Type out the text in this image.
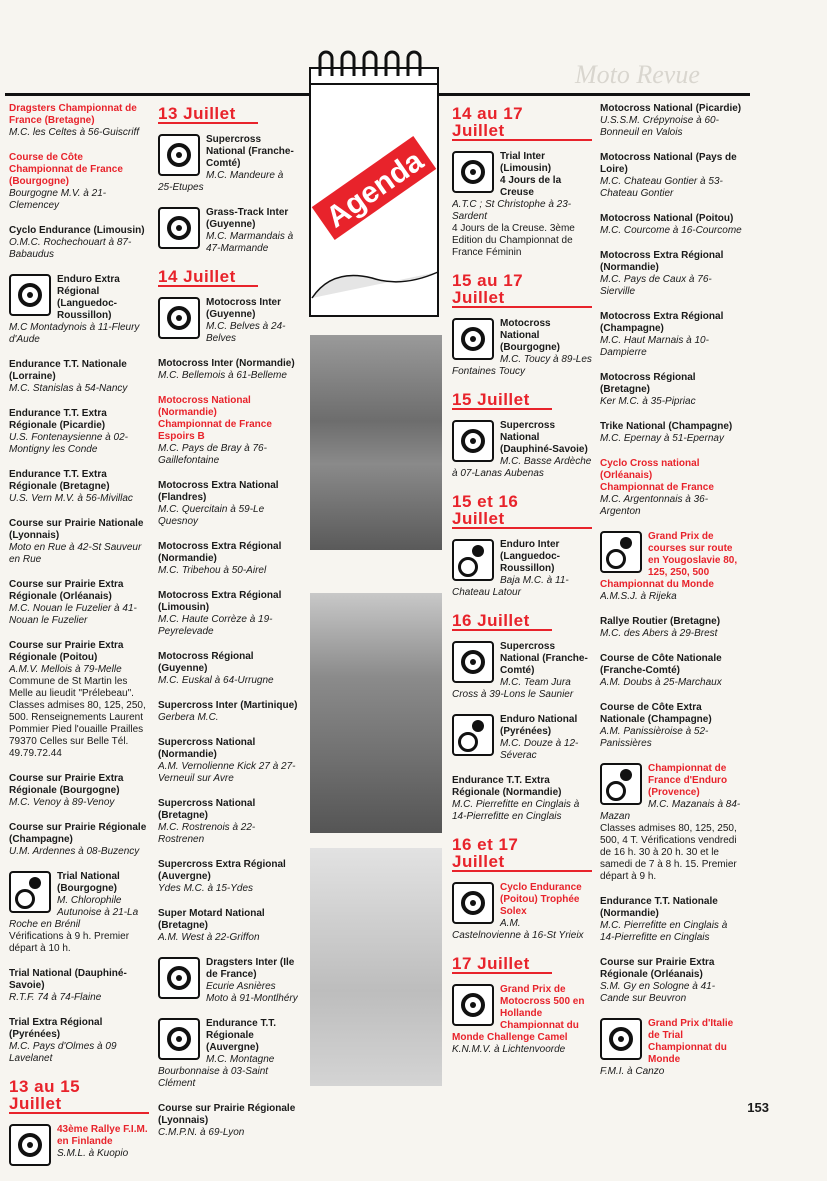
Moto Revue
Agenda
Dragsters Championnat de France (Bretagne)
M.C. les Celtes à 56-Guiscriff
Course de Côte Championnat de France (Bourgogne)
Bourgogne M.V. à 21-Clemencey
Cyclo Endurance (Limousin)
O.M.C. Rochechouart à 87-Babaudus
Enduro Extra Régional (Languedoc-Roussillon)
M.C Montadynois à 11-Fleury d'Aude
Endurance T.T. Nationale (Lorraine)
M.C. Stanislas à 54-Nancy
Endurance T.T. Extra Régionale (Picardie)
U.S. Fontenaysienne à 02-Montigny les Conde
Endurance T.T. Extra Régionale (Bretagne)
U.S. Vern M.V. à 56-Mivillac
Course sur Prairie Nationale (Lyonnais)
Moto en Rue à 42-St Sauveur en Rue
Course sur Prairie Extra Régionale (Orléanais)
M.C. Nouan le Fuzelier à 41-Nouan le Fuzelier
Course sur Prairie Extra Régionale (Poitou)
A.M.V. Mellois à 79-Melle
Commune de St Martin les Melle au lieudit "Prélebeau". Classes admises 80, 125, 250, 500. Renseignements Laurent Pommier Pied l'ouaille Prailles 79370 Celles sur Belle Tél. 49.79.72.44
Course sur Prairie Extra Régionale (Bourgogne)
M.C. Venoy à 89-Venoy
Course sur Prairie Régionale (Champagne)
U.M. Ardennes à 08-Buzency
Trial National (Bourgogne)
M. Chlorophile Autunoise à 21-La Roche en Brénil
Vérifications à 9 h. Premier départ à 10 h.
Trial National (Dauphiné-Savoie)
R.T.F. 74 à 74-Flaine
Trial Extra Régional (Pyrénées)
M.C. Pays d'Olmes à 09 Lavelanet
13 au 15 Juillet
43ème Rallye F.I.M. en Finlande
S.M.L. à Kuopio
13 Juillet
Supercross National (Franche-Comté)
M.C. Mandeure à 25-Etupes
Grass-Track Inter (Guyenne)
M.C. Marmandais à 47-Marmande
14 Juillet
Motocross Inter (Guyenne)
M.C. Belves à 24-Belves
Motocross Inter (Normandie)
M.C. Bellemois à 61-Belleme
Motocross National (Normandie)
Championnat de France Espoirs B
M.C. Pays de Bray à 76-Gaillefontaine
Motocross Extra National (Flandres)
M.C. Quercitain à 59-Le Quesnoy
Motocross Extra Régional (Normandie)
M.C. Tribehou à 50-Airel
Motocross Extra Régional (Limousin)
M.C. Haute Corrèze à 19-Peyrelevade
Motocross Régional (Guyenne)
M.C. Euskal à 64-Urrugne
Supercross Inter (Martinique)
Gerbera M.C.
Supercross National (Normandie)
A.M. Vernolienne Kick 27 à 27-Verneuil sur Avre
Supercross National (Bretagne)
M.C. Rostrenois à 22-Rostrenen
Supercross Extra Régional (Auvergne)
Ydes M.C. à 15-Ydes
Super Motard National (Bretagne)
A.M. West à 22-Griffon
Dragsters Inter (Ile de France)
Ecurie Asnières Moto à 91-Montlhéry
Endurance T.T. Régionale (Auvergne)
M.C. Montagne Bourbonnaise à 03-Saint Clément
Course sur Prairie Régionale (Lyonnais)
C.M.P.N. à 69-Lyon
14 au 17 Juillet
Trial Inter (Limousin)
4 Jours de la Creuse
A.T.C ; St Christophe à 23-Sardent
4 Jours de la Creuse. 3ème Edition du Championnat de France Féminin
15 au 17 Juillet
Motocross National (Bourgogne)
M.C. Toucy à 89-Les Fontaines Toucy
15 Juillet
Supercross National (Dauphiné-Savoie)
M.C. Basse Ardèche à 07-Lanas Aubenas
15 et 16 Juillet
Enduro Inter (Languedoc-Roussillon)
Baja M.C. à 11-Chateau Latour
16 Juillet
Supercross National (Franche-Comté)
M.C. Team Jura Cross à 39-Lons le Saunier
Enduro National (Pyrénées)
M.C. Douze à 12-Séverac
Endurance T.T. Extra Régionale (Normandie)
M.C. Pierrefitte en Cinglais à 14-Pierrefitte en Cinglais
16 et 17 Juillet
Cyclo Endurance (Poitou) Trophée Solex
A.M. Castelnovienne à 16-St Yrieix
17 Juillet
Grand Prix de Motocross 500 en Hollande Championnat du Monde Challenge Camel
K.N.M.V. à Lichtenvoorde
Motocross National (Picardie)
U.S.S.M. Crépynoise à 60-Bonneuil en Valois
Motocross National (Pays de Loire)
M.C. Chateau Gontier à 53-Chateau Gontier
Motocross National (Poitou)
M.C. Courcome à 16-Courcome
Motocross Extra Régional (Normandie)
M.C. Pays de Caux à 76-Sierville
Motocross Extra Régional (Champagne)
M.C. Haut Marnais à 10-Dampierre
Motocross Régional (Bretagne)
Ker M.C. à 35-Pipriac
Trike National (Champagne)
M.C. Epernay à 51-Epernay
Cyclo Cross national (Orléanais)
Championnat de France
M.C. Argentonnais à 36-Argenton
Grand Prix de courses sur route en Yougoslavie 80, 125, 250, 500 Championnat du Monde
A.M.S.J. à Rijeka
Rallye Routier (Bretagne)
M.C. des Abers à 29-Brest
Course de Côte Nationale (Franche-Comté)
A.M. Doubs à 25-Marchaux
Course de Côte Extra Nationale (Champagne)
A.M. Panissièroise à 52-Panissières
Championnat de France d'Enduro (Provence)
M.C. Mazanais à 84-Mazan
Classes admises 80, 125, 250, 500, 4 T. Vérifications vendredi de 16 h. 30 à 20 h. 30 et le samedi de 7 à 8 h. 15. Premier départ à 9 h.
Endurance T.T. Nationale (Normandie)
M.C. Pierrefitte en Cinglais à 14-Pierrefitte en Cinglais
Course sur Prairie Extra Régionale (Orléanais)
S.M. Gy en Sologne à 41-Cande sur Beuvron
Grand Prix d'Italie de Trial Championnat du Monde
F.M.I. à Canzo
153
